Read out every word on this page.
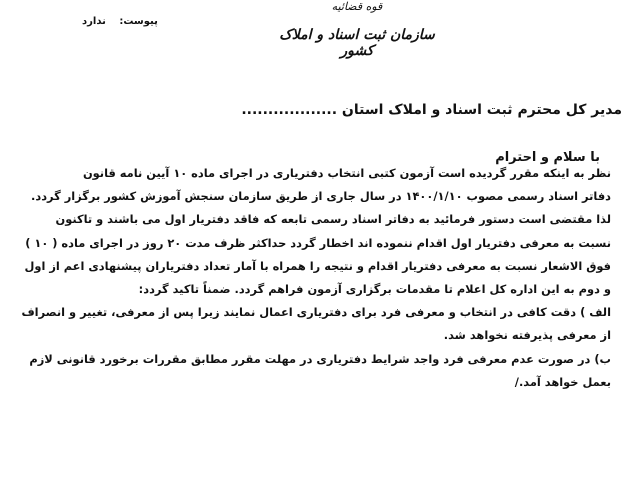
پیوست: ندارد
قوه قضائیه
سازمان ثبت اسناد و املاک کشور
مدیر کل محترم ثبت اسناد و املاک استان ..................
با سلام و احترام
نظر به اینکه مقرر گردیده است آزمون کتبی انتخاب دفترياری در اجرای ماده ۱۰ آیین نامه قانون
دفاتر اسناد رسمی مصوب ۱۴۰۰/۱/۱۰ در سال جاری از طریق سازمان سنجش آموزش کشور برگزار گردد.
لذا مقتضی است دستور فرمائید به دفاتر اسناد رسمی تابعه که فاقد دفتريار اول می باشند و تاکنون
نسبت به معرفی دفتريار اول اقدام ننموده اند اخطار گردد حداکثر ظرف مدت ۲۰ روز در اجرای ماده ( ۱۰ )
فوق الاشعار نسبت به معرفی دفتريار اقدام و نتيجه را همراه با آمار تعداد دفترياران پیشنهادی اعم از اول
و دوم به این اداره کل اعلام تا مقدمات برگزاری آزمون فراهم گردد. ضمناً تاکید گردد:
الف ) دقت کافی در انتخاب و معرفی فرد برای دفترياری اعمال نمایند زیرا پس از معرفی، تغییر و انصراف
از معرفی پذیرفته نخواهد شد.
ب) در صورت عدم معرفی فرد واجد شرایط دفترياری در مهلت مقرر مطابق مقررات برخورد قانونی لازم
بعمل خواهد آمد./
